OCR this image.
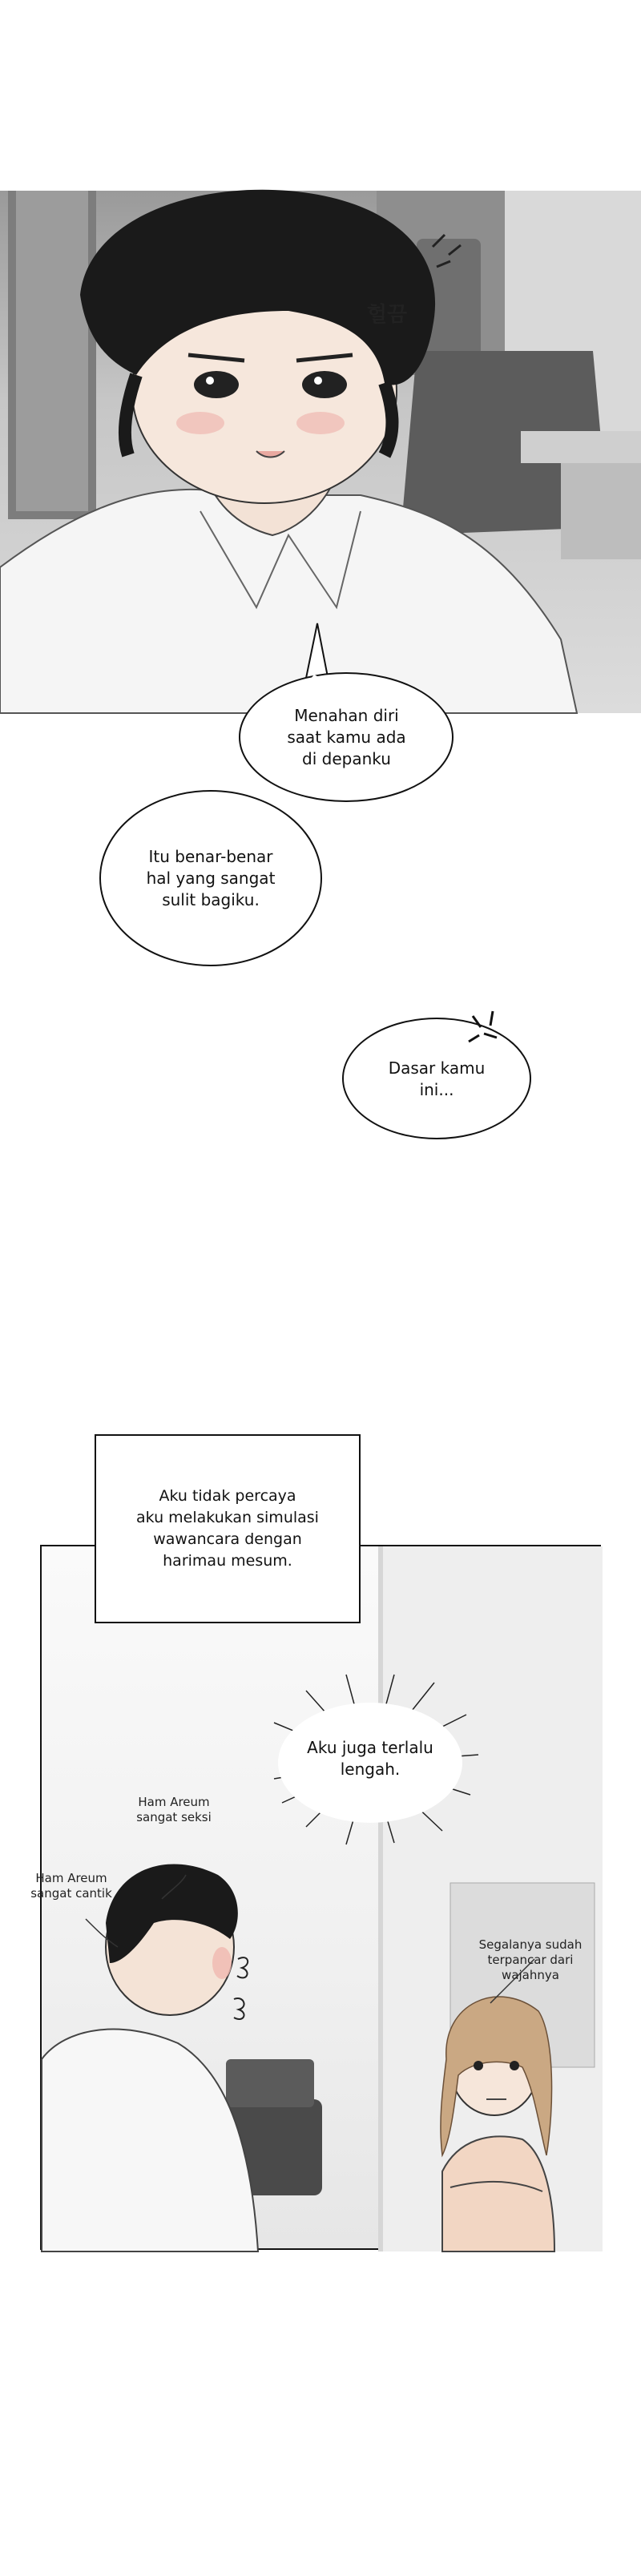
헐끔
Menahan diri
saat kamu ada
di depanku
Itu benar-benar
hal yang sangat
sulit bagiku.
Dasar kamu
ini...
Aku juga terlalu
lengah.
Ham Areum
sangat seksi
Ham Areum
sangat cantik
Segalanya sudah
terpancar dari wajahnya
Aku tidak percaya
aku melakukan simulasi
wawancara dengan
harimau mesum.
